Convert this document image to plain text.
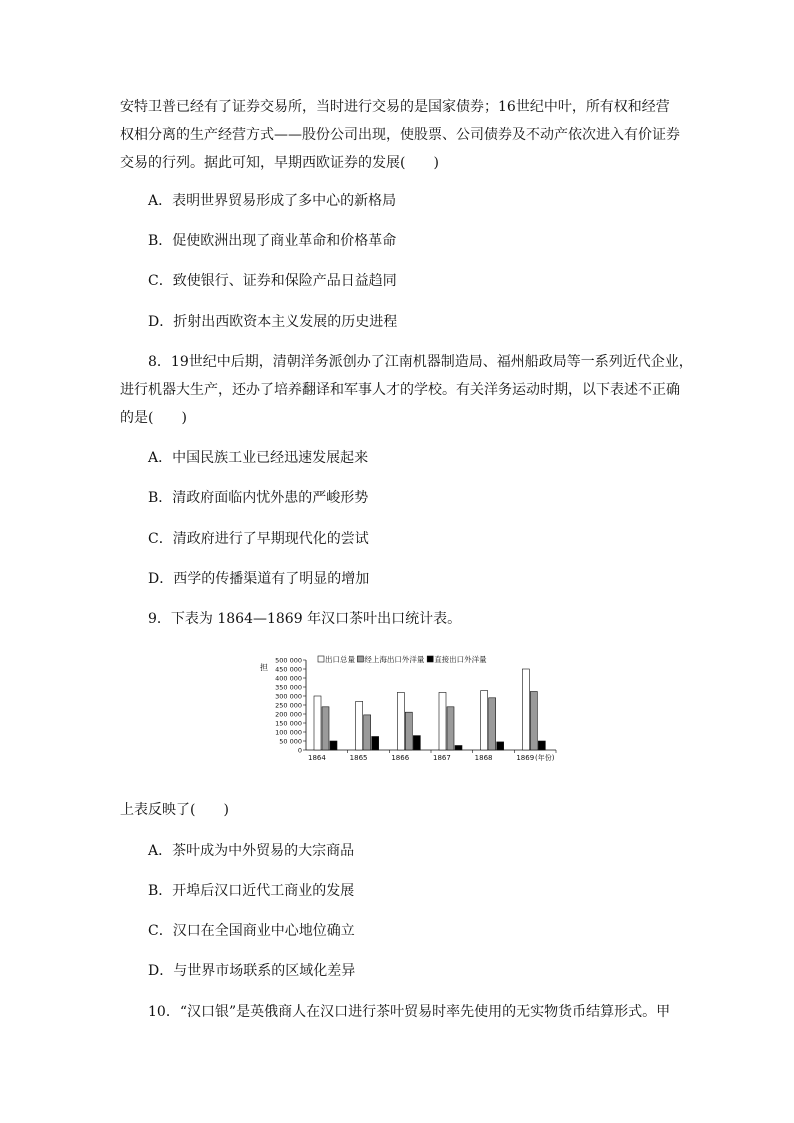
安特卫普已经有了证券交易所，当时进行交易的是国家债券；16世纪中叶，所有权和经营
权相分离的生产经营方式——股份公司出现，使股票、公司债券及不动产依次进入有价证券
交易的行列。据此可知，早期西欧证券的发展(　　)
A．表明世界贸易形成了多中心的新格局
B．促使欧洲出现了商业革命和价格革命
C．致使银行、证券和保险产品日益趋同
D．折射出西欧资本主义发展的历史进程
8．19世纪中后期，清朝洋务派创办了江南机器制造局、福州船政局等一系列近代企业，
进行机器大生产，还办了培养翻译和军事人才的学校。有关洋务运动时期，以下表述不正确
的是(　　)
A．中国民族工业已经迅速发展起来
B．清政府面临内忧外患的严峻形势
C．清政府进行了早期现代化的尝试
D．西学的传播渠道有了明显的增加
9．下表为 1864—1869 年汉口茶叶出口统计表。
担
0
50 000
100 000
150 000
200 000
250 000
300 000
350 000
400 000
450 000
500 000
1864	1865	1866	1867	1868	1869 (年份)
出口总量 经上海出口外洋量 直接出口外洋量
上表反映了(　　)
A．茶叶成为中外贸易的大宗商品
B．开埠后汉口近代工商业的发展
C．汉口在全国商业中心地位确立
D．与世界市场联系的区域化差异
10．“汉口银”是英俄商人在汉口进行茶叶贸易时率先使用的无实物货币结算形式。甲
